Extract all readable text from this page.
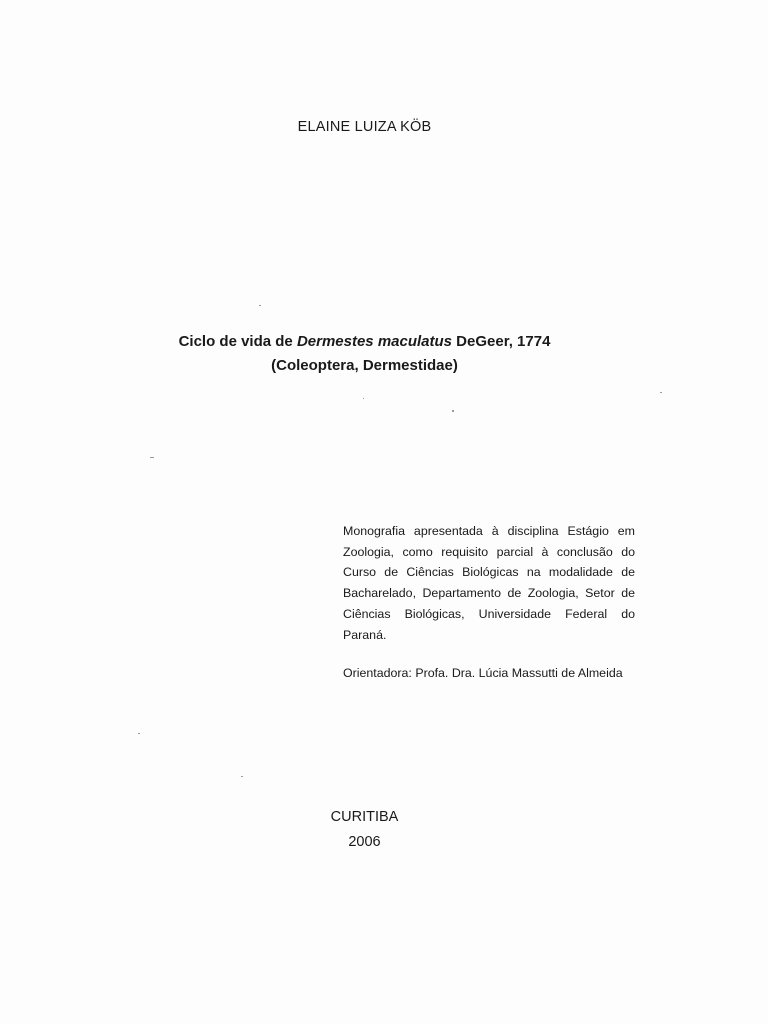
ELAINE LUIZA KÖB
Ciclo de vida de Dermestes maculatus DeGeer, 1774
(Coleoptera, Dermestidae)
Monografia apresentada à disciplina Estágio em Zoologia, como requisito parcial à conclusão do Curso de Ciências Biológicas na modalidade de Bacharelado, Departamento de Zoologia, Setor de Ciências Biológicas, Universidade Federal do Paraná.
Orientadora: Profa. Dra. Lúcia Massutti de Almeida
CURITIBA
2006
